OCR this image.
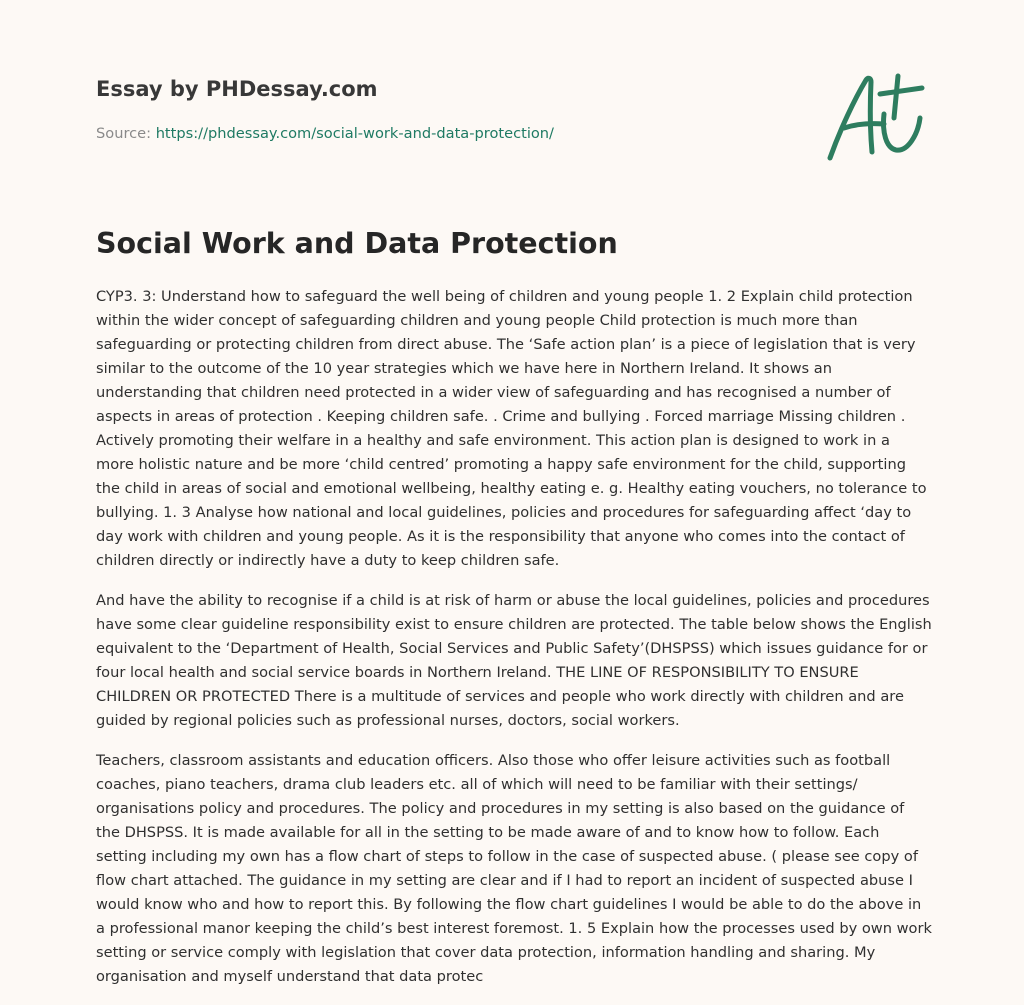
Essay by PHDessay.com
Source: https://phdessay.com/social-work-and-data-protection/
Social Work and Data Protection

CYP3. 3: Understand how to safeguard the well being of children and young people 1. 2 Explain child protection within the wider concept of safeguarding children and young people Child protection is much more than safeguarding or protecting children from direct abuse. The ‘Safe action plan’ is a piece of legislation that is very similar to the outcome of the 10 year strategies which we have here in Northern Ireland. It shows an understanding that children need protected in a wider view of safeguarding and has recognised a number of aspects in areas of protection . Keeping children safe. . Crime and bullying . Forced marriage Missing children . Actively promoting their welfare in a healthy and safe environment. This action plan is designed to work in a more holistic nature and be more ‘child centred’ promoting a happy safe environment for the child, supporting the child in areas of social and emotional wellbeing, healthy eating e. g. Healthy eating vouchers, no tolerance to bullying. 1. 3 Analyse how national and local guidelines, policies and procedures for safeguarding affect ‘day to day work with children and young people. As it is the responsibility that anyone who comes into the contact of children directly or indirectly have a duty to keep children safe.

And have the ability to recognise if a child is at risk of harm or abuse the local guidelines, policies and procedures have some clear guideline responsibility exist to ensure children are protected. The table below shows the English equivalent to the ‘Department of Health, Social Services and Public Safety’(DHSPSS) which issues guidance for or four local health and social service boards in Northern Ireland. THE LINE OF RESPONSIBILITY TO ENSURE CHILDREN OR PROTECTED There is a multitude of services and people who work directly with children and are guided by regional policies such as professional nurses, doctors, social workers.

Teachers, classroom assistants and education officers. Also those who offer leisure activities such as football coaches, piano teachers, drama club leaders etc. all of which will need to be familiar with their settings/ organisations policy and procedures. The policy and procedures in my setting is also based on the guidance of the DHSPSS. It is made available for all in the setting to be made aware of and to know how to follow. Each setting including my own has a flow chart of steps to follow in the case of suspected abuse. ( please see copy of flow chart attached. The guidance in my setting are clear and if I had to report an incident of suspected abuse I would know who and how to report this. By following the flow chart guidelines I would be able to do the above in a professional manor keeping the child’s best interest foremost. 1. 5 Explain how the processes used by own work setting or service comply with legislation that cover data protection, information handling and sharing. My organisation and myself understand that data protec
